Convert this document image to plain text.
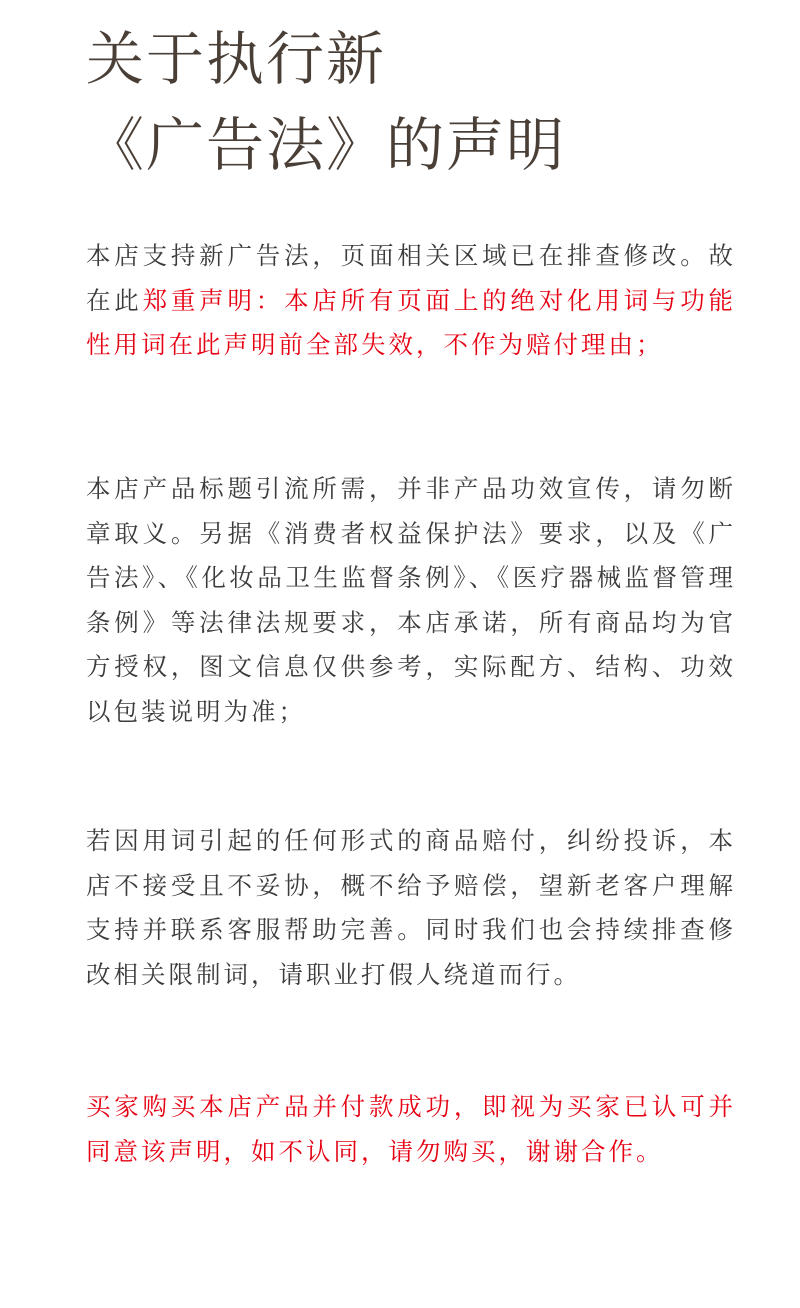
关于执行新
《广告法》的声明

本店支持新广告法，页面相关区域已在排查修改。故在此郑重声明：本店所有页面上的绝对化用词与功能性用词在此声明前全部失效，不作为赔付理由；

本店产品标题引流所需，并非产品功效宣传，请勿断章取义。另据《消费者权益保护法》要求，以及《广告法》、《化妆品卫生监督条例》、《医疗器械监督管理条例》等法律法规要求，本店承诺，所有商品均为官方授权，图文信息仅供参考，实际配方、结构、功效以包装说明为准；

若因用词引起的任何形式的商品赔付，纠纷投诉，本店不接受且不妥协，概不给予赔偿，望新老客户理解支持并联系客服帮助完善。同时我们也会持续排查修改相关限制词，请职业打假人绕道而行。

买家购买本店产品并付款成功，即视为买家已认可并同意该声明，如不认同，请勿购买，谢谢合作。
